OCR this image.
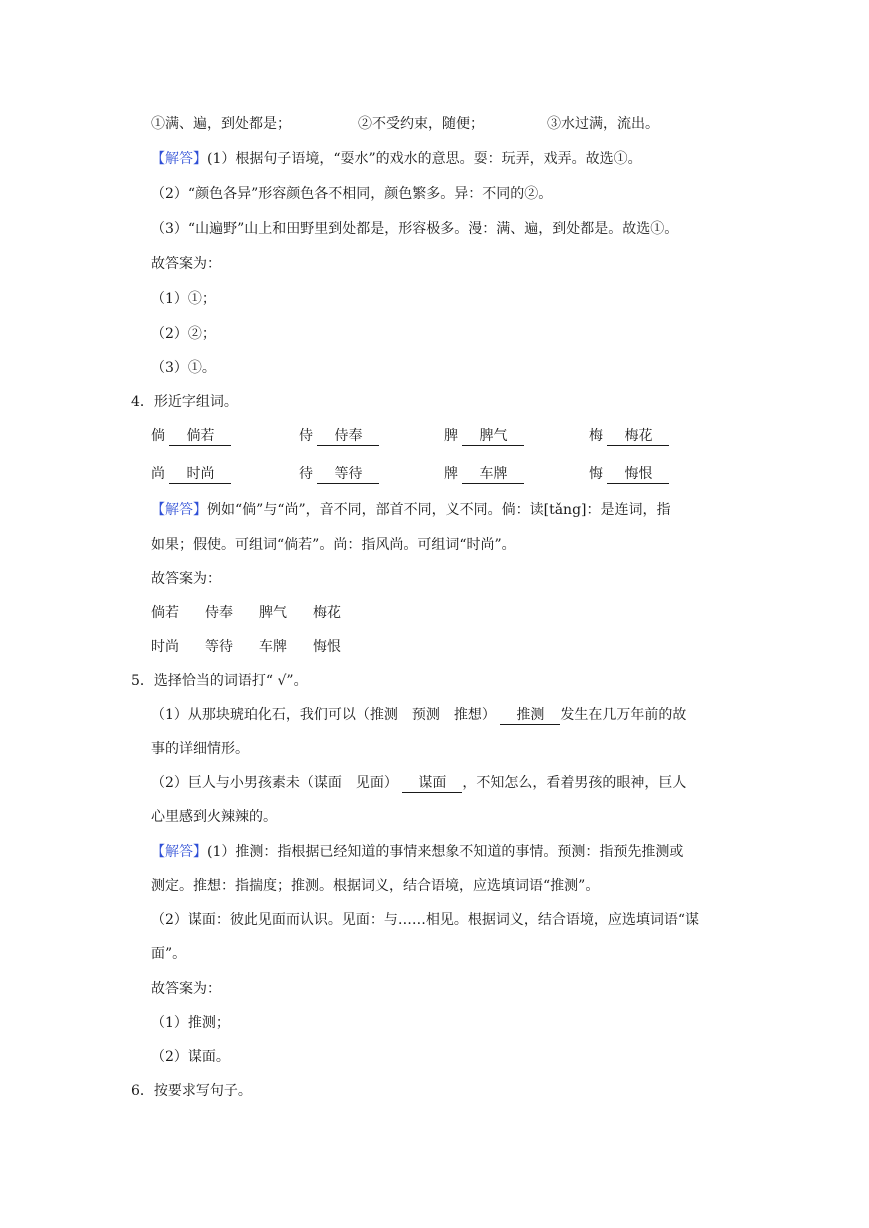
①满、遍，到处都是；	②不受约束，随便；	③水过满，流出。
【解答】(1）根据句子语境，“耍水”的戏水的意思。耍：玩弄，戏弄。故选①。
（2）“颜色各异”形容颜色各不相同，颜色繁多。异：不同的②。
（3）“山遍野”山上和田野里到处都是，形容极多。漫：满、遍，到处都是。故选①。
故答案为：
（1）①；
（2）②；
（3）①。
4．形近字组词。
倘 倘若	侍 侍奉	脾 脾气	梅 梅花
尚 时尚	待 等待	牌 车牌	悔 悔恨
【解答】例如“倘”与“尚”，音不同，部首不同，义不同。倘：读[tǎng]：是连词，指
如果；假使。可组词“倘若”。尚：指风尚。可组词“时尚”。
故答案为：
倘若 侍奉 脾气 梅花
时尚 等待 车牌 悔恨
5．选择恰当的词语打“ √”。
（1）从那块琥珀化石，我们可以（推测　预测　推想） 推测 发生在几万年前的故
事的详细情形。
（2）巨人与小男孩素未（谋面　见面） 谋面 ，不知怎么，看着男孩的眼神，巨人
心里感到火辣辣的。
【解答】(1）推测：指根据已经知道的事情来想象不知道的事情。预测：指预先推测或
测定。推想：指揣度；推测。根据词义，结合语境，应选填词语“推测”。
（2）谋面：彼此见面而认识。见面：与……相见。根据词义，结合语境，应选填词语“谋
面”。
故答案为：
（1）推测；
（2）谋面。
6．按要求写句子。
